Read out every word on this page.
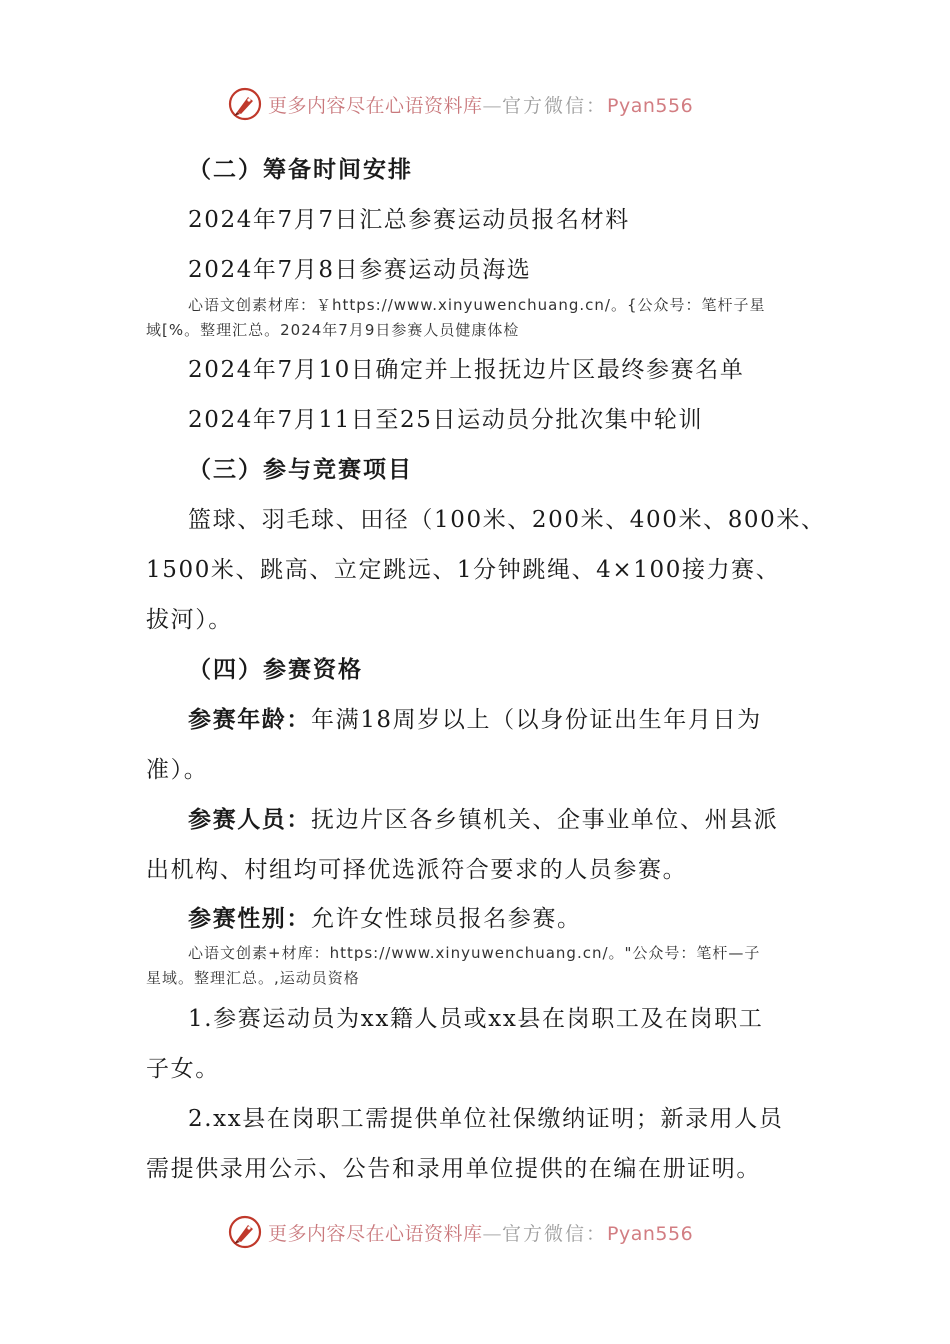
更多内容尽在心语资料库—官方微信：Pyan556
（二）筹备时间安排
2024年7月7日汇总参赛运动员报名材料
2024年7月8日参赛运动员海选
心语文创素材库：￥https://www.xinyuwenchuang.cn/。{公众号：笔杆子星
域[%。整理汇总。2024年7月9日参赛人员健康体检
2024年7月10日确定并上报抚边片区最终参赛名单
2024年7月11日至25日运动员分批次集中轮训
（三）参与竞赛项目
篮球、羽毛球、田径（100米、200米、400米、800米、
1500米、跳高、立定跳远、1分钟跳绳、4×100接力赛、
拔河）。
（四）参赛资格
参赛年龄：年满18周岁以上（以身份证出生年月日为
准）。
参赛人员：抚边片区各乡镇机关、企事业单位、州县派
出机构、村组均可择优选派符合要求的人员参赛。
参赛性别：允许女性球员报名参赛。
心语文创素+材库：https://www.xinyuwenchuang.cn/。"公众号：笔杆—子
星域。整理汇总。,运动员资格
1.参赛运动员为xx籍人员或xx县在岗职工及在岗职工
子女。
2.xx县在岗职工需提供单位社保缴纳证明；新录用人员
需提供录用公示、公告和录用单位提供的在编在册证明。
更多内容尽在心语资料库—官方微信：Pyan556
